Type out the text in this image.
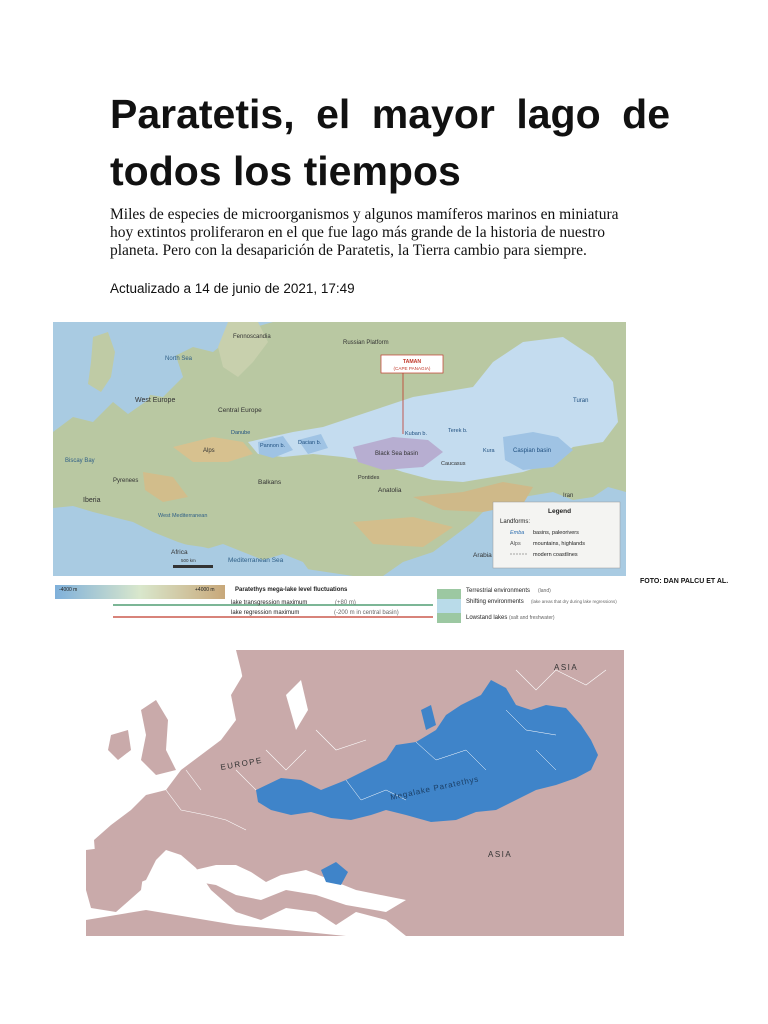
Paratetis, el mayor lago de todos los tiempos

Miles de especies de microorganismos y algunos mamíferos marinos en miniatura hoy extintos proliferaron en el que fue lago más grande de la historia de nuestro planeta. Pero con la desaparición de Paratetis, la Tierra cambio para siempre.

Actualizado a 14 de junio de 2021, 17:49

TAMAN
(CAPE PANAGIA)
North Sea
West Europe
Central Europe
Biscay Bay
Alps
Pyrenees
Iberia
West Mediterranean
Africa
Mediterranean Sea
Balkans
Pannon b. Dacian b.
Danube
Black Sea basin	Caspian basin
Anatolia
Arabia
Pontides
Caucasus
Iran
Turan
Russian Platform
Fennoscandia
Kuban b.	Terek b.
Kura
500 km
Legend
Landforms:
Emba basins, paleorivers
Alps mountains, highlands
modern coastlines
-4000 m	+4000 m	Paratethys mega-lake level fluctuations
lake transgression maximum	(+80 m)
lake regression maximum	(-200 m in central basin)
Terrestrial environments (land)
Shifting environments (lake areas that dry during lake regressions)
Lowstand lakes (salt and freshwater)
FOTO: DAN PALCU ET AL.
ASIA
EUROPE
Megalake Paratethys
ASIA
